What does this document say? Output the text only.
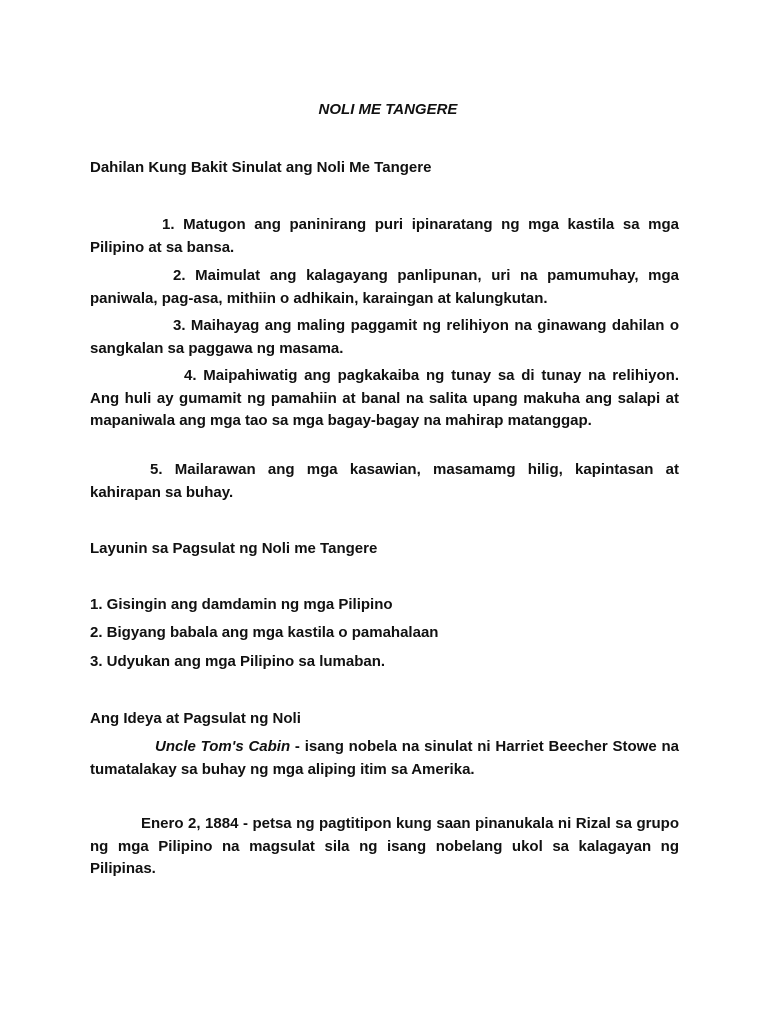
NOLI ME TANGERE

Dahilan Kung Bakit Sinulat ang Noli Me Tangere

1. Matugon ang paninirang puri ipinaratang ng mga kastila sa mga Pilipino at sa bansa.

2. Maimulat ang kalagayang panlipunan, uri na pamumuhay, mga paniwala, pag-asa, mithiin o adhikain, karaingan at kalungkutan.

3. Maihayag ang maling paggamit ng relihiyon na ginawang dahilan o sangkalan sa paggawa ng masama.

4. Maipahiwatig ang pagkakaiba ng tunay sa di tunay na relihiyon. Ang huli ay gumamit ng pamahiin at banal na salita upang makuha ang salapi at mapaniwala ang mga tao sa mga bagay-bagay na mahirap matanggap.

5. Mailarawan ang mga kasawian, masamamg hilig, kapintasan at kahirapan sa buhay.

Layunin sa Pagsulat ng Noli me Tangere

1. Gisingin ang damdamin ng mga Pilipino

2. Bigyang babala ang mga kastila o pamahalaan

3. Udyukan ang mga Pilipino sa lumaban.

Ang Ideya at Pagsulat ng Noli

Uncle Tom's Cabin - isang nobela na sinulat ni Harriet Beecher Stowe na tumatalakay sa buhay ng mga aliping itim sa Amerika.

Enero 2, 1884 - petsa ng pagtitipon kung saan pinanukala ni Rizal sa grupo ng mga Pilipino na magsulat sila ng isang nobelang ukol sa kalagayan ng Pilipinas.
